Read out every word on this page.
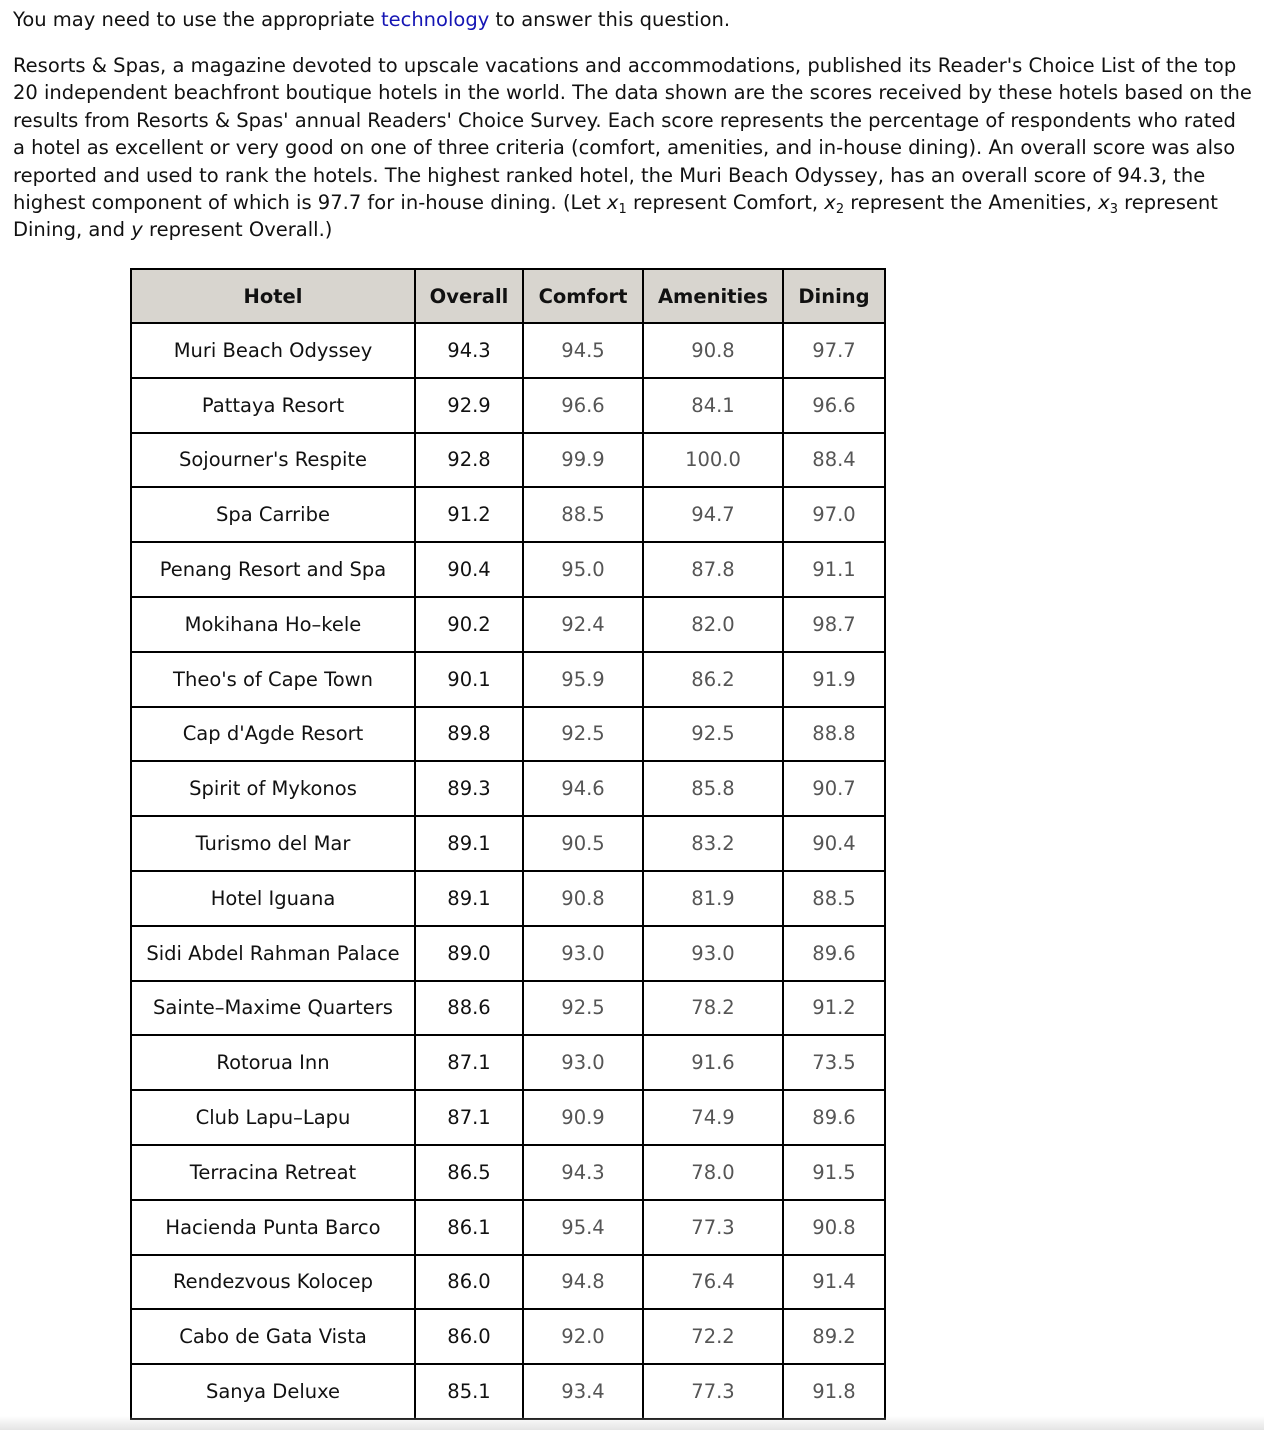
You may need to use the appropriate technology to answer this question.

Resorts & Spas, a magazine devoted to upscale vacations and accommodations, published its Reader's Choice List of the top 20 independent beachfront boutique hotels in the world. The data shown are the scores received by these hotels based on the results from Resorts & Spas' annual Readers' Choice Survey. Each score represents the percentage of respondents who rated a hotel as excellent or very good on one of three criteria (comfort, amenities, and in-house dining). An overall score was also reported and used to rank the hotels. The highest ranked hotel, the Muri Beach Odyssey, has an overall score of 94.3, the highest component of which is 97.7 for in-house dining. (Let $x_1$ represent Comfort, $x_2$ represent the Amenities, $x_3$ represent Dining, and y represent Overall.)

Hotel	Overall	Comfort	Amenities	Dining
Muri Beach Odyssey	94.3	94.5	90.8	97.7
Pattaya Resort	92.9	96.6	84.1	96.6
Sojourner's Respite	92.8	99.9	100.0	88.4
Spa Carribe	91.2	88.5	94.7	97.0
Penang Resort and Spa	90.4	95.0	87.8	91.1
Mokihana Ho–kele	90.2	92.4	82.0	98.7
Theo's of Cape Town	90.1	95.9	86.2	91.9
Cap d'Agde Resort	89.8	92.5	92.5	88.8
Spirit of Mykonos	89.3	94.6	85.8	90.7
Turismo del Mar	89.1	90.5	83.2	90.4
Hotel Iguana	89.1	90.8	81.9	88.5
Sidi Abdel Rahman Palace	89.0	93.0	93.0	89.6
Sainte–Maxime Quarters	88.6	92.5	78.2	91.2
Rotorua Inn	87.1	93.0	91.6	73.5
Club Lapu–Lapu	87.1	90.9	74.9	89.6
Terracina Retreat	86.5	94.3	78.0	91.5
Hacienda Punta Barco	86.1	95.4	77.3	90.8
Rendezvous Kolocep	86.0	94.8	76.4	91.4
Cabo de Gata Vista	86.0	92.0	72.2	89.2
Sanya Deluxe	85.1	93.4	77.3	91.8
